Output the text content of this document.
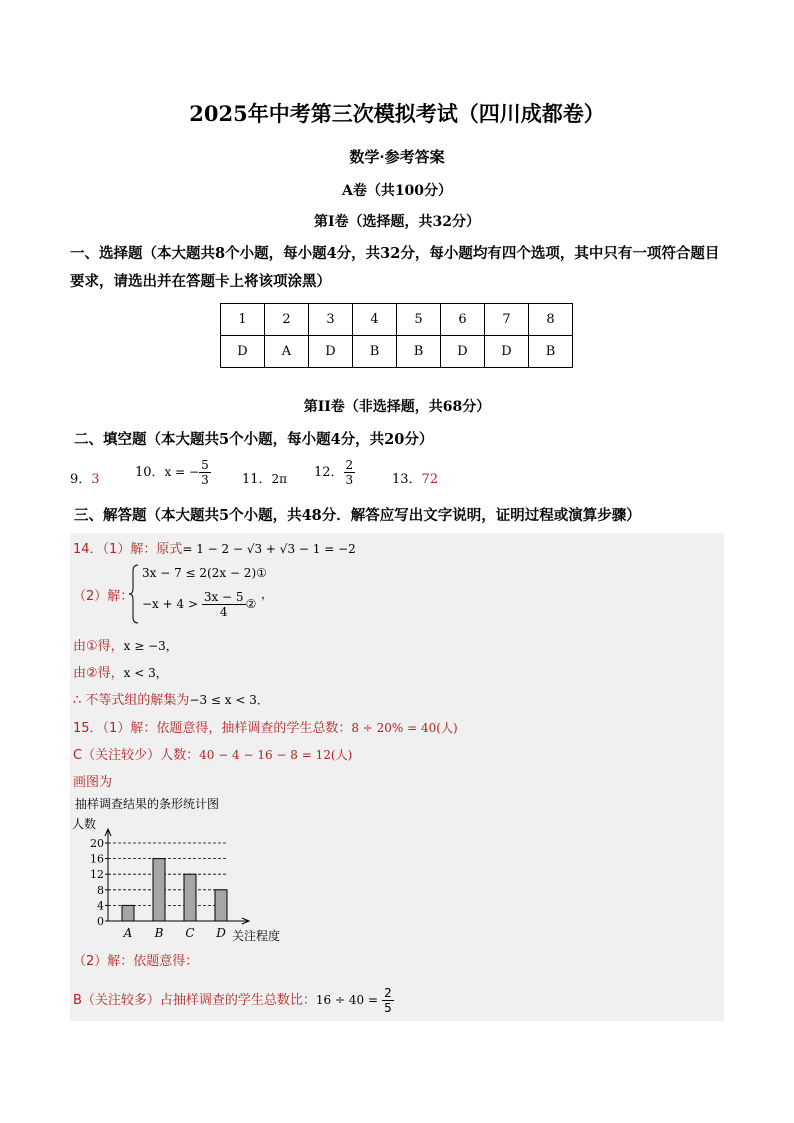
2025年中考第三次模拟考试（四川成都卷）
数学·参考答案
A卷（共100分）
第I卷（选择题，共32分）
一、选择题（本大题共8个小题，每小题4分，共32分，每小题均有四个选项，其中只有一项符合题目要求，请选出并在答题卡上将该项涂黑）
1	2	3	4	5	6	7	8
D	A	D	B	B	D	D	B
第II卷（非选择题，共68分）
二、填空题（本大题共5个小题，每小题4分，共20分）
9．3	10．x = − $\frac{5}{3} 11$．2π 12． $\frac{2}{3}$	13．72
三、解答题（本大题共5个小题，共48分．解答应写出文字说明，证明过程或演算步骤）
14．（1）解：原式= 1 − 2 − √3 + √3 − 1 = −2
（2）解：
3x − 7 ≤ 2(2x − 2)①
$-x + 4 > \frac{3x - 5}{4}$ ②
，
由①得，x ≥ −3，
由②得，x < 3，
∴ 不等式组的解集为−3 ≤ x < 3．
15．（1）解：依题意得，抽样调查的学生总数：8 ÷ 20% = 40(人)
C（关注较少）人数：40 − 4 − 16 − 8 = 12(人)
画图为
抽样调查结果的条形统计图
人数
0
4
8
12
16
20
A B C D 关注程度
（2）解：依题意得：
B（关注较多）占抽样调查的学生总数比：$16 \div 40 = \frac{2}{5}$
